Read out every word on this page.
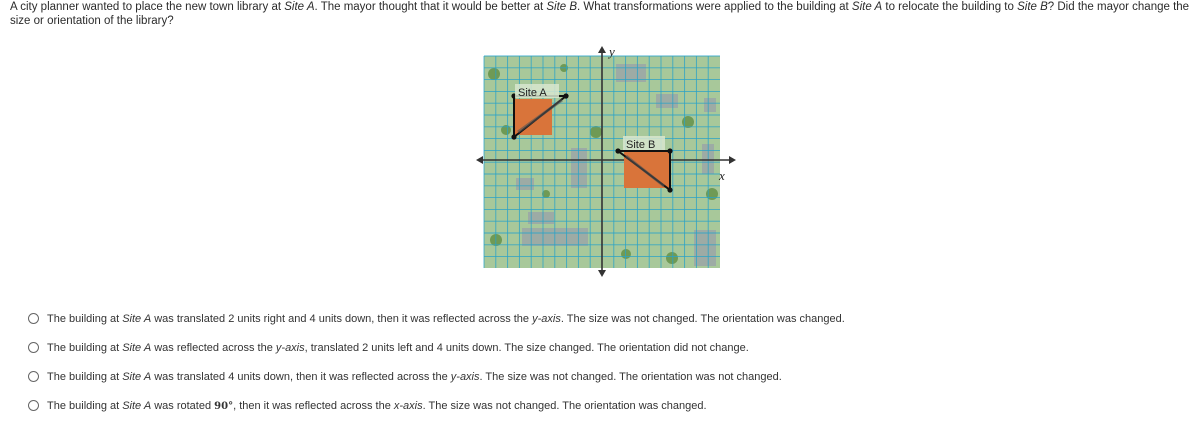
A city planner wanted to place the new town library at Site A. The mayor thought that it would be better at Site B. What transformations were applied to the building at Site A to relocate the building to Site B? Did the mayor change the size or orientation of the library?
y
x
Site A
Site B
The building at Site A was translated 2 units right and 4 units down, then it was reflected across the y-axis. The size was not changed. The orientation was changed.
The building at Site A was reflected across the y-axis, translated 2 units left and 4 units down. The size changed. The orientation did not change.
The building at Site A was translated 4 units down, then it was reflected across the y-axis. The size was not changed. The orientation was not changed.
The building at Site A was rotated 90°, then it was reflected across the x-axis. The size was not changed. The orientation was changed.
